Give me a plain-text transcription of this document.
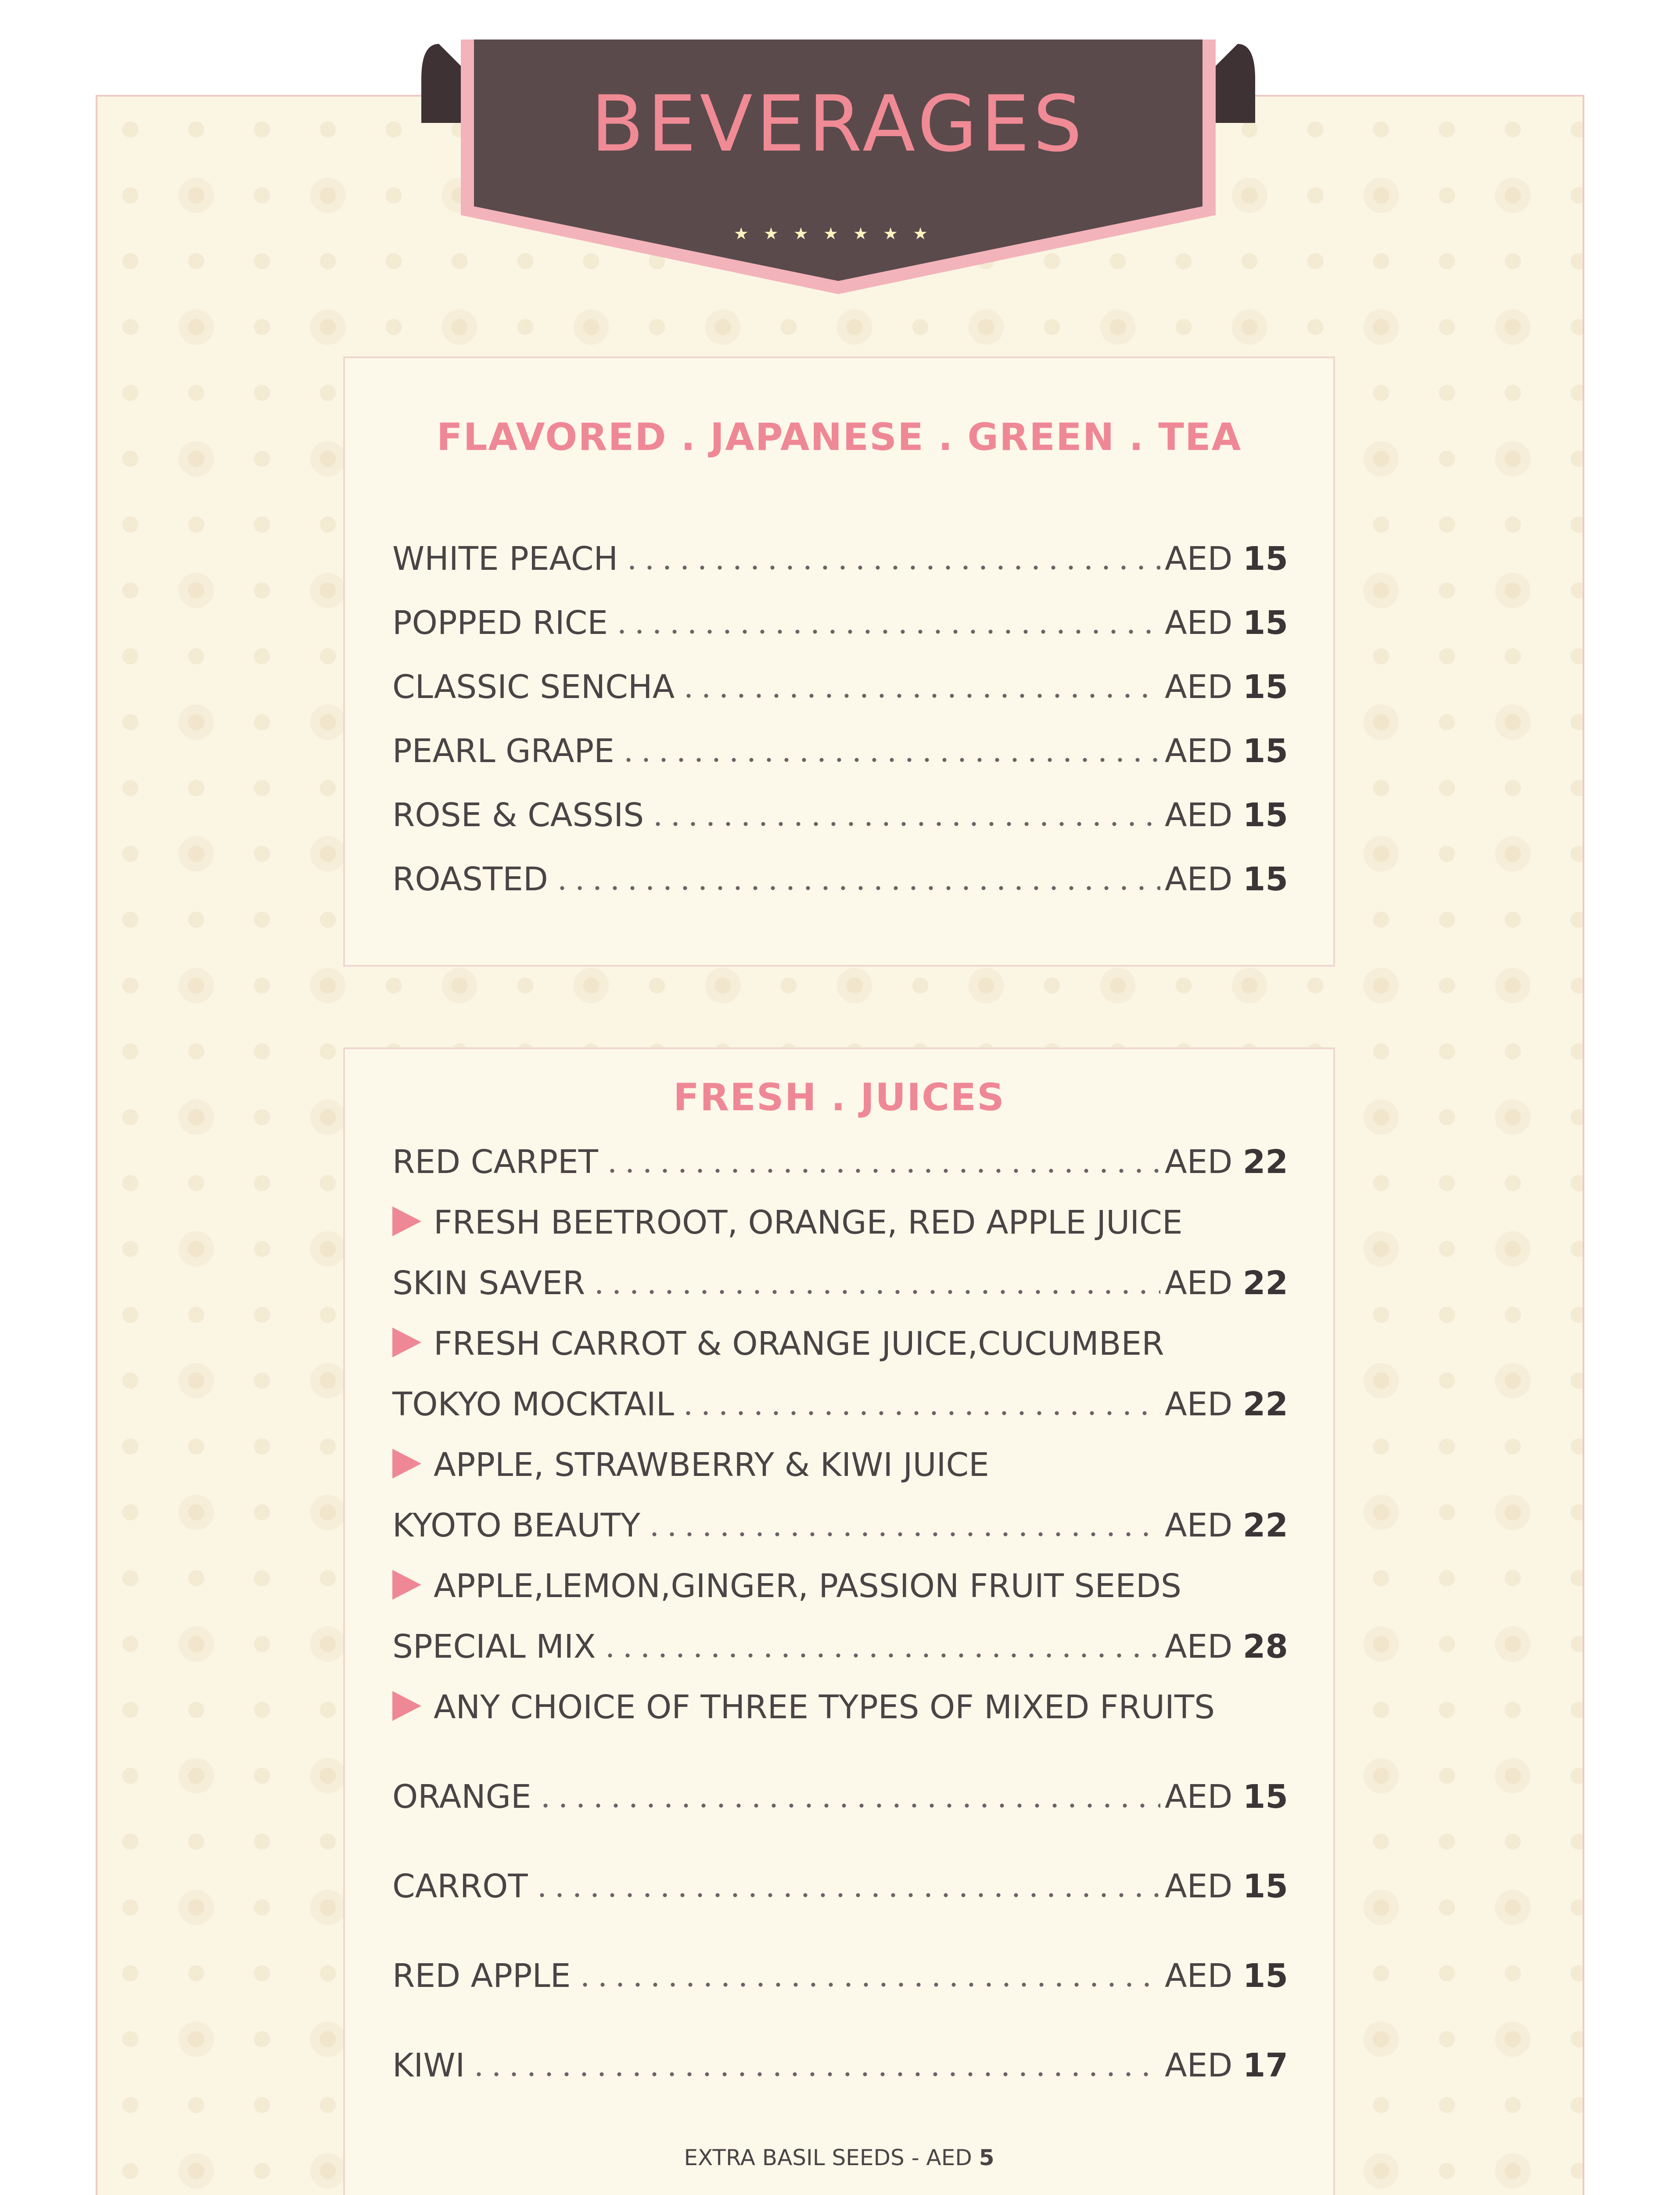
BEVERAGES
★★★★★★★
FLAVORED . JAPANESE . GREEN . TEA
WHITE PEACH	AED 15
POPPED RICE	AED 15
CLASSIC SENCHA	AED 15
PEARL GRAPE	AED 15
ROSE & CASSIS	AED 15
ROASTED	AED 15
FRESH . JUICES
RED CARPET	AED 22
FRESH BEETROOT, ORANGE, RED APPLE JUICE
SKIN SAVER	AED 22
FRESH CARROT & ORANGE JUICE,CUCUMBER
TOKYO MOCKTAIL	AED 22
APPLE, STRAWBERRY & KIWI JUICE
KYOTO BEAUTY	AED 22
APPLE,LEMON,GINGER, PASSION FRUIT SEEDS
SPECIAL MIX	AED 28
ANY CHOICE OF THREE TYPES OF MIXED FRUITS
ORANGE	AED 15
CARROT	AED 15
RED APPLE	AED 15
KIWI	AED 17
EXTRA BASIL SEEDS - AED 5
